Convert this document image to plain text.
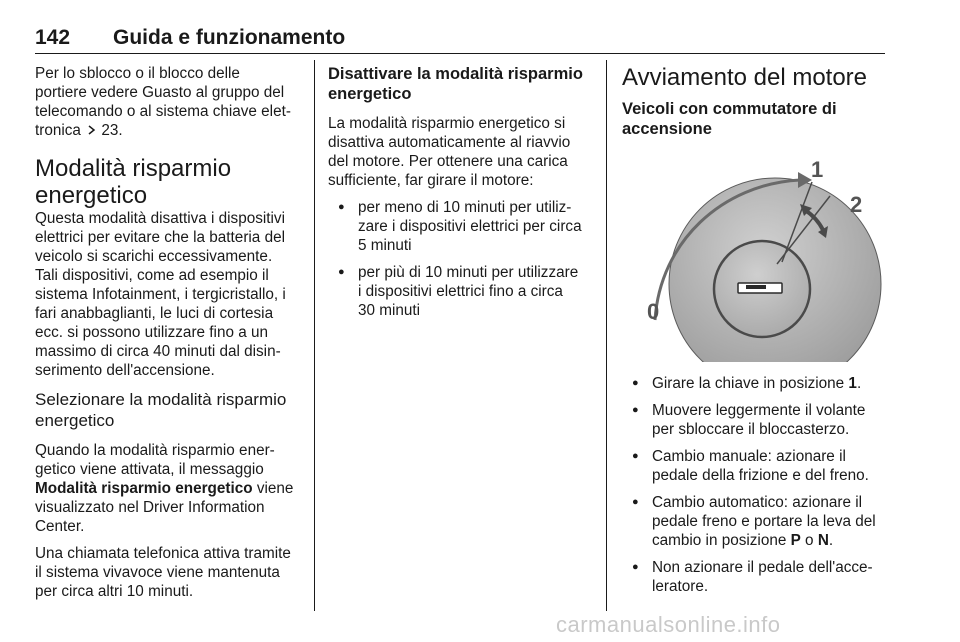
142 Guida e funzionamento

Per lo sblocco o il blocco delle

portiere vedere Guasto al gruppo del

telecomando o al sistema chiave elet-

tronica 23.

Modalità risparmio
energetico

Questa modalità disattiva i dispositivi

elettrici per evitare che la batteria del

veicolo si scarichi eccessivamente.

Tali dispositivi, come ad esempio il

sistema Infotainment, i tergicristallo, i

fari anabbaglianti, le luci di cortesia

ecc. si possono utilizzare fino a un

massimo di circa 40 minuti dal disin-

serimento dell'accensione.

Selezionare la modalità risparmio
energetico

Quando la modalità risparmio ener-

getico viene attivata, il messaggio

Modalità risparmio energetico viene

visualizzato nel Driver Information

Center.

Una chiamata telefonica attiva tramite

il sistema vivavoce viene mantenuta

per circa altri 10 minuti.

Disattivare la modalità risparmio
energetico

La modalità risparmio energetico si

disattiva automaticamente al riavvio

del motore. Per ottenere una carica

sufficiente, far girare il motore:

● per meno di 10 minuti per utiliz-
zare i dispositivi elettrici per circa
5 minuti
● per più di 10 minuti per utilizzare
i dispositivi elettrici fino a circa
30 minuti
Avviamento del motore
Veicoli con commutatore di
accensione
0
1
2
● Girare la chiave in posizione 1.
● Muovere leggermente il volante
per sbloccare il bloccasterzo.
● Cambio manuale: azionare il
pedale della frizione e del freno.
● Cambio automatico: azionare il
pedale freno e portare la leva del
cambio in posizione P o N.
● Non azionare il pedale dell'acce-
leratore.
carmanualsonline.info
